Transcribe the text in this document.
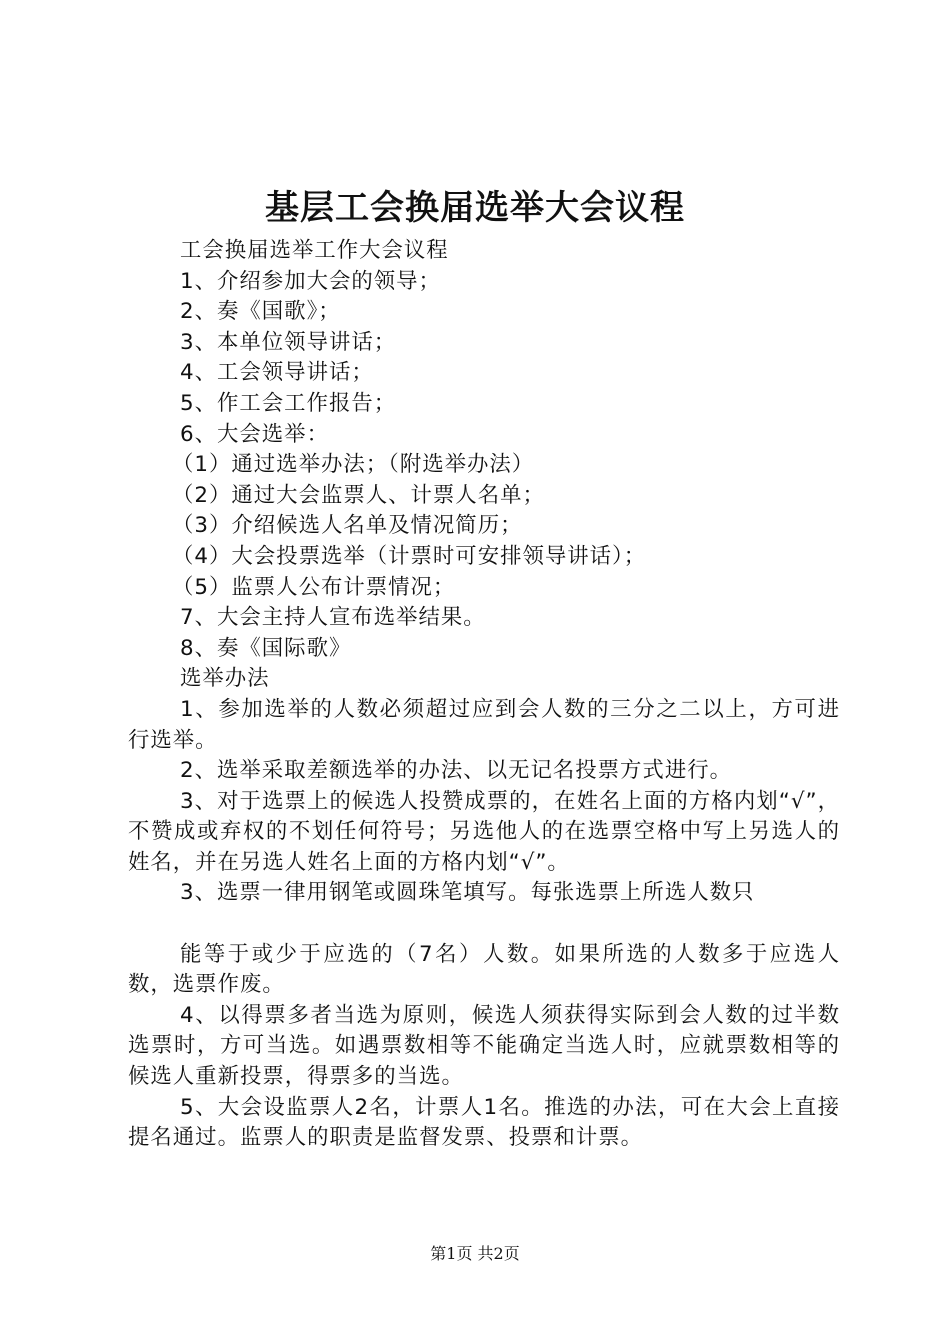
基层工会换届选举大会议程
工会换届选举工作大会议程
1、介绍参加大会的领导；
2、奏《国歌》；
3、本单位领导讲话；
4、工会领导讲话；
5、作工会工作报告；
6、大会选举：
（1）通过选举办法；（附选举办法）
（2）通过大会监票人、计票人名单；
（3）介绍候选人名单及情况简历；
（4）大会投票选举（计票时可安排领导讲话）；
（5）监票人公布计票情况；
7、大会主持人宣布选举结果。
8、奏《国际歌》
选举办法
1、参加选举的人数必须超过应到会人数的三分之二以上，方可进行选举。
2、选举采取差额选举的办法、以无记名投票方式进行。
3、对于选票上的候选人投赞成票的，在姓名上面的方格内划“√”，不赞成或弃权的不划任何符号；另选他人的在选票空格中写上另选人的姓名，并在另选人姓名上面的方格内划“√”。
3、选票一律用钢笔或圆珠笔填写。每张选票上所选人数只
能等于或少于应选的（7名）人数。如果所选的人数多于应选人数，选票作废。
4、以得票多者当选为原则，候选人须获得实际到会人数的过半数选票时，方可当选。如遇票数相等不能确定当选人时，应就票数相等的候选人重新投票，得票多的当选。
5、大会设监票人2名，计票人1名。推选的办法，可在大会上直接提名通过。监票人的职责是监督发票、投票和计票。
第1页 共2页
